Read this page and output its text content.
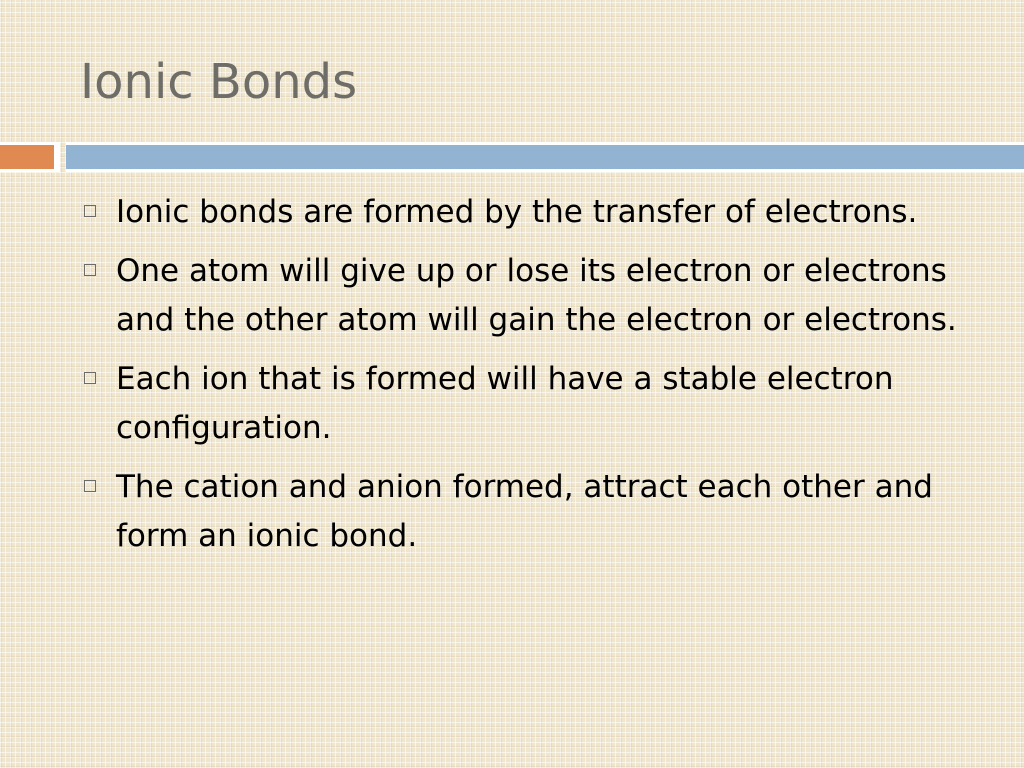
Ionic Bonds
Ionic bonds are formed by the transfer of electrons.
One atom will give up or lose its electron or electrons and the other atom will gain the electron or electrons.
Each ion that is formed will have a stable electron configuration.
The cation and anion formed, attract each other and form an ionic bond.
